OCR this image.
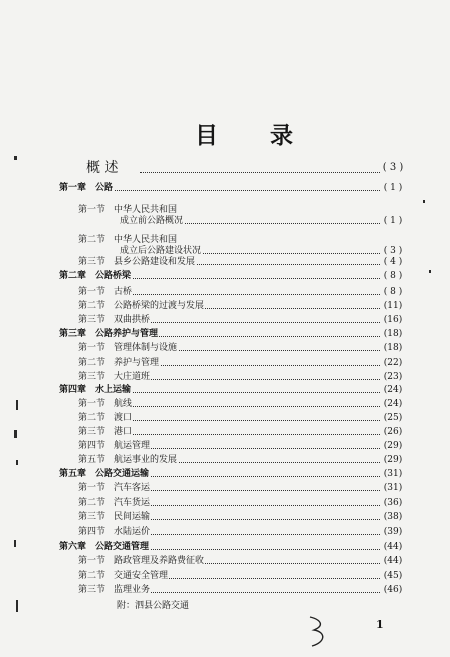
目 录
概 述	( 3 )
第一章　公路	( 1 )
第一节　中华人民共和国
成立前公路概况	( 1 )
第二节　中华人民共和国
成立后公路建设状况	( 3 )
第三节　县乡公路建设和发展	( 4 )
第二章　公路桥梁	( 8 )
第一节　古桥	( 8 )
第二节　公路桥梁的过渡与发展	(11)
第三节　双曲拱桥	(16)
第三章　公路养护与管理	(18)
第一节　管理体制与设施	(18)
第二节　养护与管理	(22)
第三节　大庄道班	(23)
第四章　水上运输	(24)
第一节　航线	(24)
第二节　渡口	(25)
第三节　港口	(26)
第四节　航运管理	(29)
第五节　航运事业的发展	(29)
第五章　公路交通运输	(31)
第一节　汽车客运	(31)
第二节　汽车货运	(36)
第三节　民间运输	(38)
第四节　水陆运价	(39)
第六章　公路交通管理	(44)
第一节　路政管理及养路费征收	(44)
第二节　交通安全管理	(45)
第三节　监理业务	(46)
附：泗县公路交通
1
